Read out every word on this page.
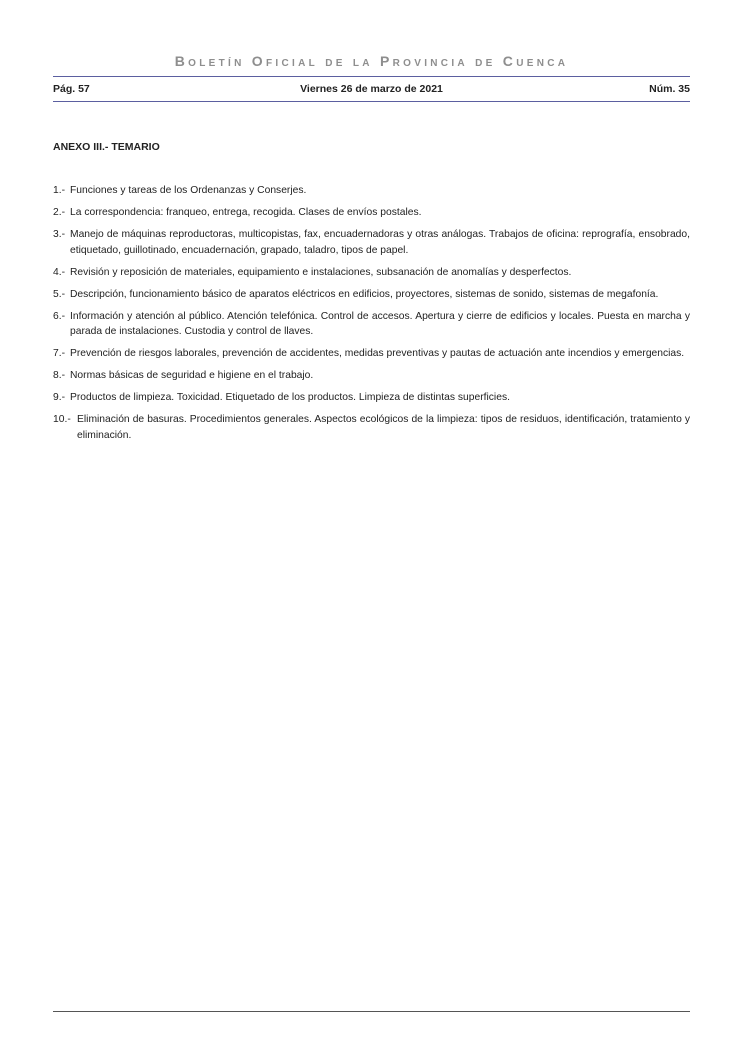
Boletín Oficial de la Provincia de Cuenca
Pág. 57	Viernes 26 de marzo de 2021	Núm. 35
ANEXO III.- TEMARIO
1.- Funciones y tareas de los Ordenanzas y Conserjes.
2.- La correspondencia: franqueo, entrega, recogida. Clases de envíos postales.
3.- Manejo de máquinas reproductoras, multicopistas, fax, encuadernadoras y otras análogas. Trabajos de oficina: reprografía, ensobrado, etiquetado, guillotinado, encuadernación, grapado, taladro, tipos de papel.
4.- Revisión y reposición de materiales, equipamiento e instalaciones, subsanación de anomalías y desperfectos.
5.- Descripción, funcionamiento básico de aparatos eléctricos en edificios, proyectores, sistemas de sonido, sistemas de megafonía.
6.- Información y atención al público. Atención telefónica. Control de accesos. Apertura y cierre de edificios y locales. Puesta en marcha y parada de instalaciones. Custodia y control de llaves.
7.- Prevención de riesgos laborales, prevención de accidentes, medidas preventivas y pautas de actuación ante incendios y emergencias.
8.- Normas básicas de seguridad e higiene en el trabajo.
9.- Productos de limpieza. Toxicidad. Etiquetado de los productos. Limpieza de distintas superficies.
10.- Eliminación de basuras. Procedimientos generales. Aspectos ecológicos de la limpieza: tipos de residuos, identificación, tratamiento y eliminación.
